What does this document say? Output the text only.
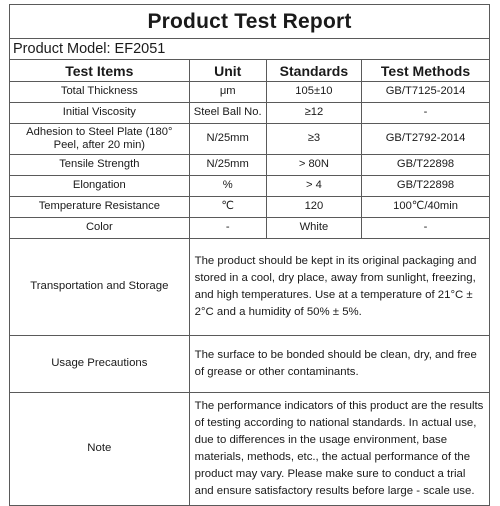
Product Test Report
Product Model: EF2051
Test Items	Unit	Standards	Test Methods
Total Thickness	μm	105±10	GB/T7125-2014
Initial Viscosity	Steel Ball No.	≥12	-
Adhesion to Steel Plate (180° Peel, after 20 min)	N/25mm	≥3	GB/T2792-2014
Tensile Strength	N/25mm	> 80N	GB/T22898
Elongation	%	> 4	GB/T22898
Temperature Resistance	℃	120	100℃/40min
Color	-	White	-
Transportation and Storage	The product should be kept in its original packaging and stored in a cool, dry place, away from sunlight, freezing, and high temperatures. Use at a temperature of 21°C ± 2°C and a humidity of 50% ± 5%.		
Usage Precautions	The surface to be bonded should be clean, dry, and free of grease or other contaminants.		
Note	The performance indicators of this product are the results of testing according to national standards. In actual use, due to differences in the usage environment, base materials, methods, etc., the actual performance of the product may vary. Please make sure to conduct a trial and ensure satisfactory results before large - scale use.		
